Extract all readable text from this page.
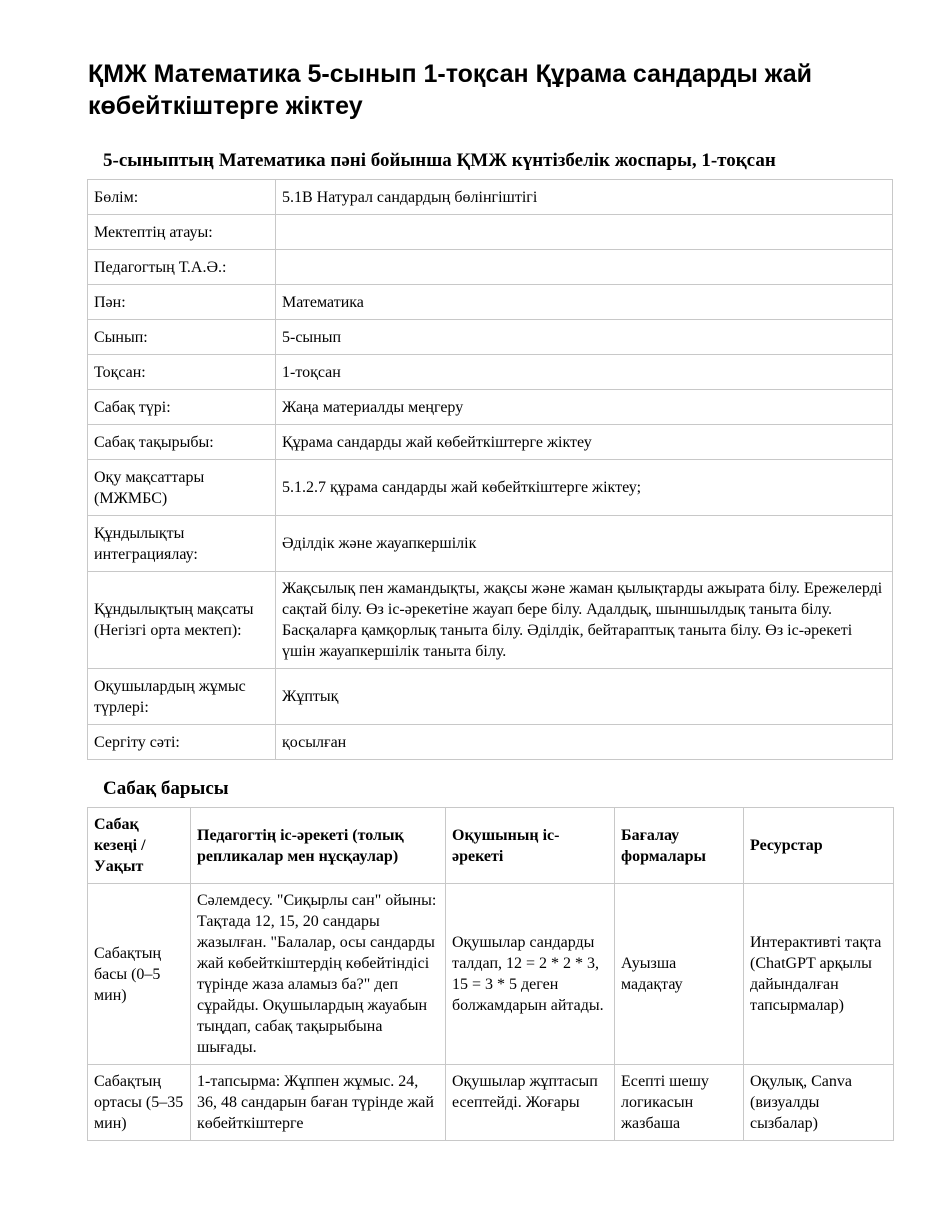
ҚМЖ Математика 5-сынып 1-тоқсан Құрама сандарды жай көбейткіштерге жіктеу
5-сыныптың Математика пәні бойынша ҚМЖ күнтізбелік жоспары, 1-тоқсан
Бөлім:	5.1В Натурал сандардың бөлінгіштігі
Мектептің атауы:	
Педагогтың Т.А.Ә.:	
Пән:	Математика
Сынып:	5-сынып
Тоқсан:	1-тоқсан
Сабақ түрі:	Жаңа материалды меңгеру
Сабақ тақырыбы:	Құрама сандарды жай көбейткіштерге жіктеу
Оқу мақсаттары (МЖМБС)	5.1.2.7 құрама сандарды жай көбейткіштерге жіктеу;
Құндылықты интеграциялау:	Әділдік және жауапкершілік
Құндылықтың мақсаты (Негізгі орта мектеп):	Жақсылық пен жамандықты, жақсы және жаман қылықтарды ажырата білу. Ережелерді сақтай білу. Өз іс-әрекетіне жауап бере білу. Адалдық, шыншылдық таныта білу. Басқаларға қамқорлық таныта білу. Әділдік, бейтараптық таныта білу. Өз іс-әрекеті үшін жауапкершілік таныта білу.
Оқушылардың жұмыс түрлері:	Жұптық
Сергіту сәті:	қосылған
Сабақ барысы
Сабақ кезеңі / Уақыт	Педагогтің іс-әрекеті (толық репликалар мен нұсқаулар)	Оқушының іс-әрекеті	Бағалау формалары	Ресурстар
Сабақтың басы (0–5 мин)	Сәлемдесу. "Сиқырлы сан" ойыны: Тақтада 12, 15, 20 сандары жазылған. "Балалар, осы сандарды жай көбейткіштердің көбейтіндісі түрінде жаза аламыз ба?" деп сұрайды. Оқушылардың жауабын тыңдап, сабақ тақырыбына шығады.	Оқушылар сандарды талдап, 12 = 2 * 2 * 3, 15 = 3 * 5 деген болжамдарын айтады.	Ауызша мадақтау	Интерактивті тақта (ChatGPT арқылы дайындалған тапсырмалар)
Сабақтың ортасы (5–35 мин)	1-тапсырма: Жұппен жұмыс. 24, 36, 48 сандарын баған түрінде жай көбейткіштерге	Оқушылар жұптасып есептейді. Жоғары	Есепті шешу логикасын жазбаша	Оқулық, Canva (визуалды сызбалар)
